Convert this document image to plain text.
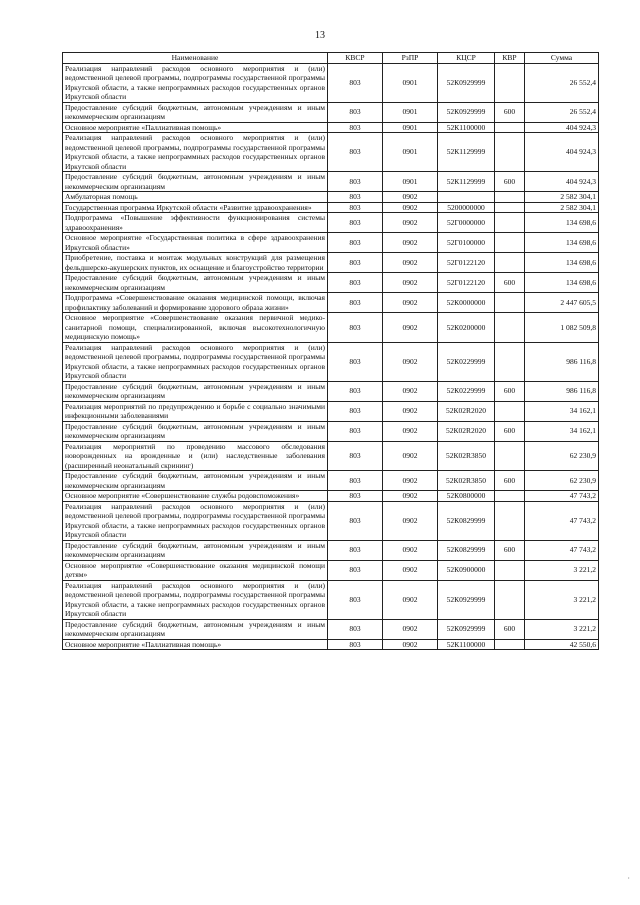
13
Наименование	КВСР	РзПР	КЦСР	КВР	Сумма
Реализация направлений расходов основного мероприятия и (или) ведомственной целевой программы, подпрограммы государственной программы Иркутской области, а также непрограммных расходов государственных органов Иркутской области	803	0901	52К0929999		26 552,4
Предоставление субсидий бюджетным, автономным учреждениям и иным некоммерческим организациям	803	0901	52К0929999	600	26 552,4
Основное мероприятие «Паллиативная помощь»	803	0901	52К1100000		404 924,3
Реализация направлений расходов основного мероприятия и (или) ведомственной целевой программы, подпрограммы государственной программы Иркутской области, а также непрограммных расходов государственных органов Иркутской области	803	0901	52К1129999		404 924,3
Предоставление субсидий бюджетным, автономным учреждениям и иным некоммерческим организациям	803	0901	52К1129999	600	404 924,3
Амбулаторная помощь	803	0902			2 582 304,1
Государственная программа Иркутской области «Развитие здравоохранения»	803	0902	5200000000		2 582 304,1
Подпрограмма «Повышение эффективности функционирования системы здравоохранения»	803	0902	52Г0000000		134 698,6
Основное мероприятие «Государственная политика в сфере здравоохранения Иркутской области»	803	0902	52Г0100000		134 698,6
Приобретение, поставка и монтаж модульных конструкций для размещения фельдшерско-акушерских пунктов, их оснащение и благоустройство территории	803	0902	52Г0122120		134 698,6
Предоставление субсидий бюджетным, автономным учреждениям и иным некоммерческим организациям	803	0902	52Г0122120	600	134 698,6
Подпрограмма «Совершенствование оказания медицинской помощи, включая профилактику заболеваний и формирование здорового образа жизни»	803	0902	52К0000000		2 447 605,5
Основное мероприятие «Совершенствование оказания первичной медико-санитарной помощи, специализированной, включая высокотехнологичную медицинскую помощь»	803	0902	52К0200000		1 082 509,8
Реализация направлений расходов основного мероприятия и (или) ведомственной целевой программы, подпрограммы государственной программы Иркутской области, а также непрограммных расходов государственных органов Иркутской области	803	0902	52К0229999		986 116,8
Предоставление субсидий бюджетным, автономным учреждениям и иным некоммерческим организациям	803	0902	52К0229999	600	986 116,8
Реализация мероприятий по предупреждению и борьбе с социально значимыми инфекционными заболеваниями	803	0902	52К02R2020		34 162,1
Предоставление субсидий бюджетным, автономным учреждениям и иным некоммерческим организациям	803	0902	52К02R2020	600	34 162,1
Реализация мероприятий по проведению массового обследования новорожденных на врожденные и (или) наследственные заболевания (расширенный неонатальный скрининг)	803	0902	52К02R3850		62 230,9
Предоставление субсидий бюджетным, автономным учреждениям и иным некоммерческим организациям	803	0902	52К02R3850	600	62 230,9
Основное мероприятие «Совершенствование службы родовспоможения»	803	0902	52К0800000		47 743,2
Реализация направлений расходов основного мероприятия и (или) ведомственной целевой программы, подпрограммы государственной программы Иркутской области, а также непрограммных расходов государственных органов Иркутской области	803	0902	52К0829999		47 743,2
Предоставление субсидий бюджетным, автономным учреждениям и иным некоммерческим организациям	803	0902	52К0829999	600	47 743,2
Основное мероприятие «Совершенствование оказания медицинской помощи детям»	803	0902	52К0900000		3 221,2
Реализация направлений расходов основного мероприятия и (или) ведомственной целевой программы, подпрограммы государственной программы Иркутской области, а также непрограммных расходов государственных органов Иркутской области	803	0902	52К0929999		3 221,2
Предоставление субсидий бюджетным, автономным учреждениям и иным некоммерческим организациям	803	0902	52К0929999	600	3 221,2
Основное мероприятие «Паллиативная помощь»	803	0902	52К1100000		42 550,6
·
